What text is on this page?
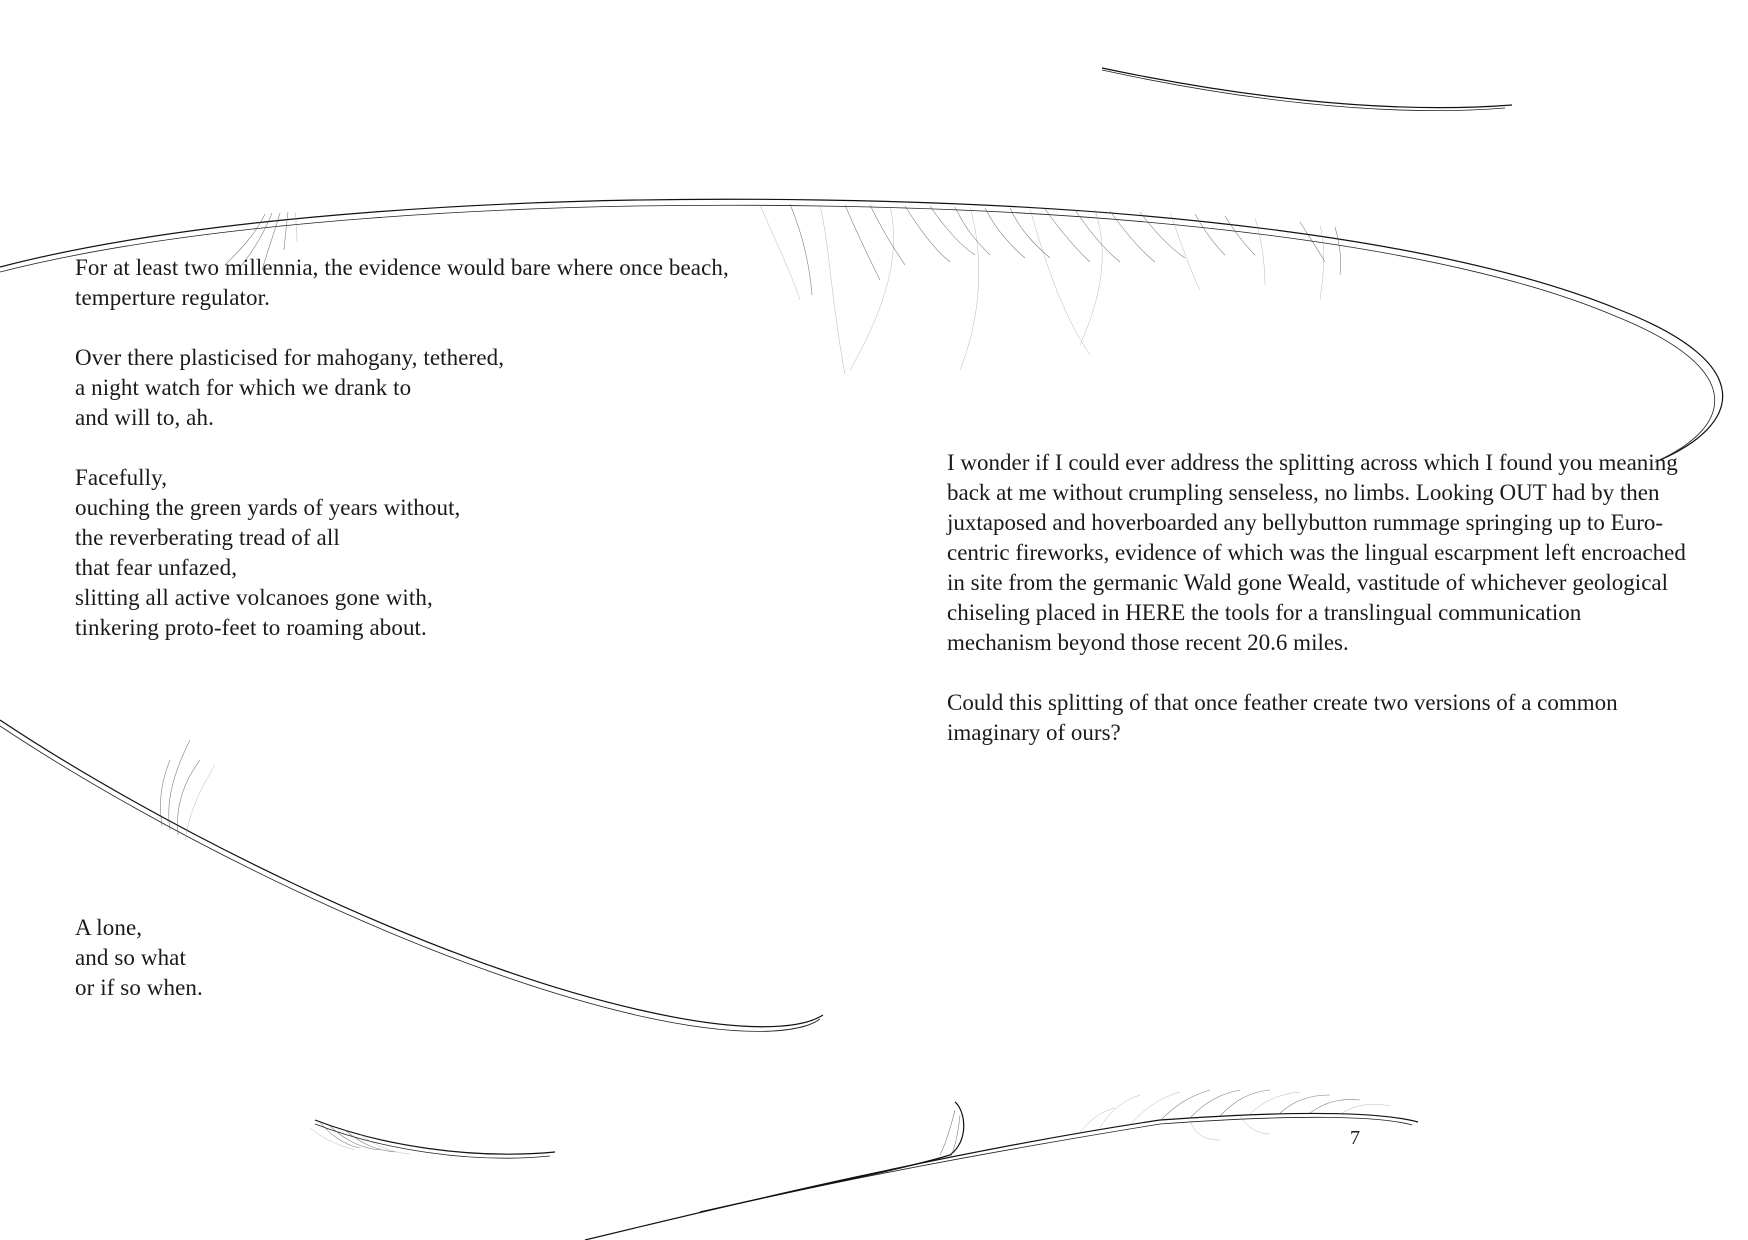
For at least two millennia, the evidence would bare where once beach,
temperture regulator.
Over there plasticised for mahogany, tethered,
a night watch for which we drank to
and will to, ah.
Facefully,
ouching the green yards of years without,
the reverberating tread of all
that fear unfazed,
slitting all active volcanoes gone with,
tinkering proto-feet to roaming about.
A lone,
and so what
or if so when.

I wonder if I could ever address the splitting across which I found you meaning
back at me without crumpling senseless, no limbs. Looking OUT had by then
juxtaposed and hoverboarded any bellybutton rummage springing up to Euro-
centric fireworks, evidence of which was the lingual escarpment left encroached
in site from the germanic Wald gone Weald, vastitude of whichever geological
chiseling placed in HERE the tools for a translingual communication
mechanism beyond those recent 20.6 miles.

Could this splitting of that once feather create two versions of a common
imaginary of ours?

7
